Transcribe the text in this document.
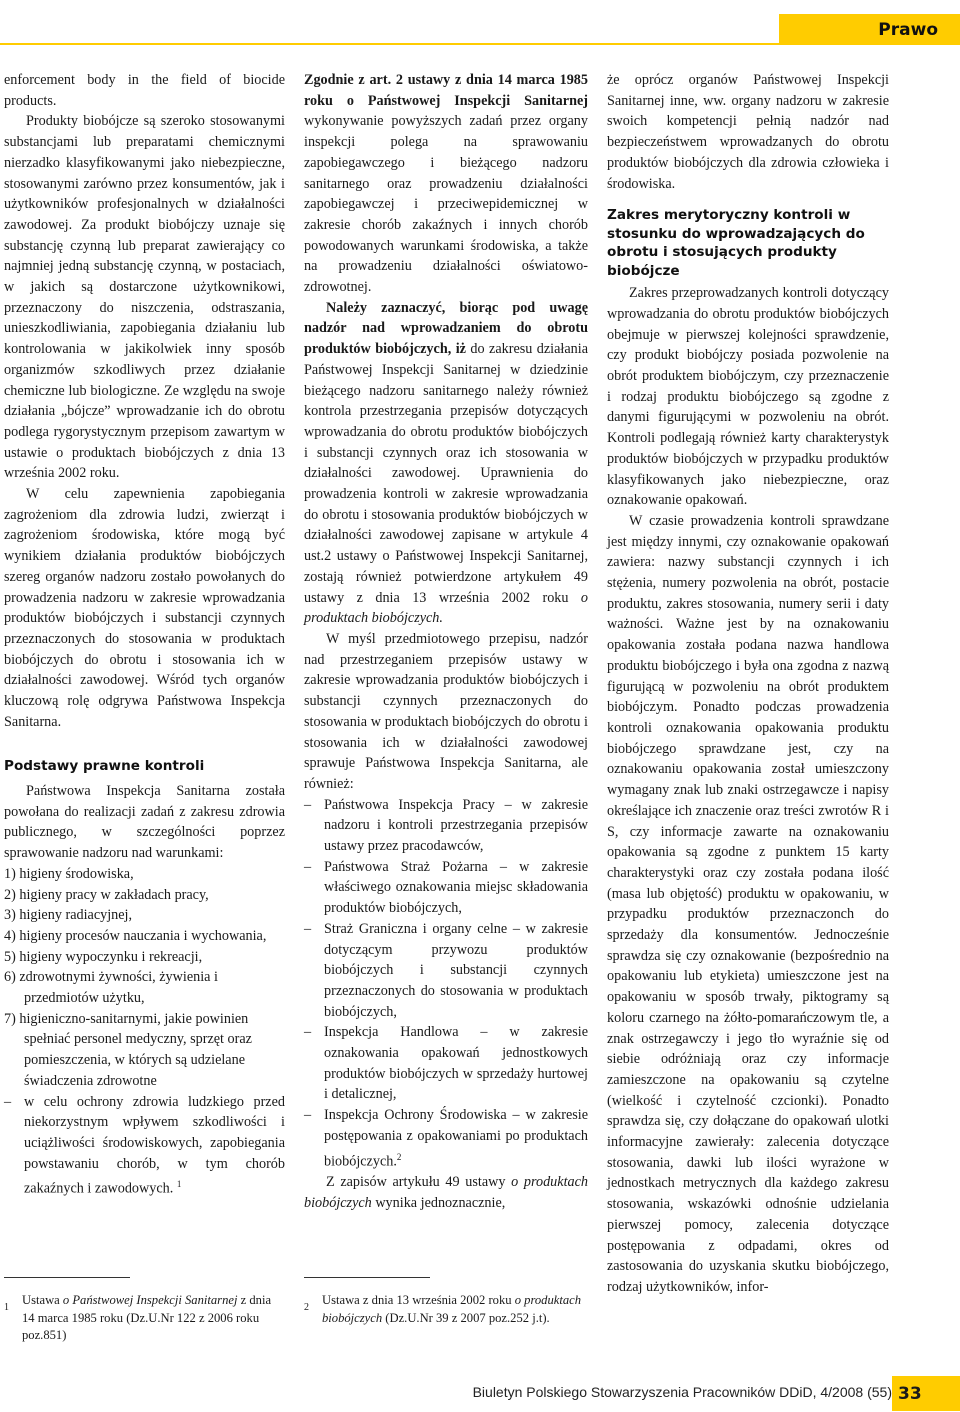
Prawo

enforcement body in the field of biocide products.

Produkty biobójcze są szeroko stosowanymi substancjami lub preparatami chemicznymi nierzadko klasyfikowanymi jako niebezpieczne, stosowanymi zarówno przez konsumentów, jak i użytkowników profesjonalnych w działalności zawodowej. Za produkt biobójczy uznaje się substancję czynną lub preparat zawierający co najmniej jedną substancję czynną, w postaciach, w jakich są dostarczone użytkownikowi, przeznaczony do niszczenia, odstraszania, unieszkodliwiania, zapobiegania działaniu lub kontrolowania w jakikolwiek inny sposób organizmów szkodliwych przez działanie chemiczne lub biologiczne. Ze względu na swoje działania „bójcze” wprowadzanie ich do obrotu podlega rygorystycznym przepisom zawartym w ustawie o produktach biobójczych z dnia 13 września 2002 roku.

W celu zapewnienia zapobiegania zagrożeniom dla zdrowia ludzi, zwierząt i zagrożeniom środowiska, które mogą być wynikiem działania produktów biobójczych szereg organów nadzoru zostało powołanych do prowadzenia nadzoru w zakresie wprowadzania produktów biobójczych i substancji czynnych przeznaczonych do stosowania w produktach biobójczych do obrotu i stosowania ich w działalności zawodowej. Wśród tych organów kluczową rolę odgrywa Państwowa Inspekcja Sanitarna.

Podstawy prawne kontroli

Państwowa Inspekcja Sanitarna została powołana do realizacji zadań z zakresu zdrowia publicznego, w szczególności poprzez sprawowanie nadzoru nad warunkami:

1) higieny środowiska,
2) higieny pracy w zakładach pracy,
3) higieny radiacyjnej,
4) higieny procesów nauczania i wychowania,
5) higieny wypoczynku i rekreacji,
6) zdrowotnymi żywności, żywienia i przedmiotów użytku,
7) higieniczno-sanitarnymi, jakie powinien spełniać personel medyczny, sprzęt oraz pomieszczenia, w których są udzielane świadczenia zdrowotne
– w celu ochrony zdrowia ludzkiego przed niekorzystnym wpływem szkodliwości i uciążliwości środowiskowych, zapobiegania powstawaniu chorób, w tym chorób zakaźnych i zawodowych. $^1$

Zgodnie z art. 2 ustawy z dnia 14 marca 1985 roku o Państwowej Inspekcji Sanitarnej wykonywanie powyższych zadań przez organy inspekcji polega na sprawowaniu zapobiegawczego i bieżącego nadzoru sanitarnego oraz prowadzeniu działalności zapobiegawczej i przeciwepidemicznej w zakresie chorób zakaźnych i innych chorób powodowanych warunkami środowiska, a także na prowadzeniu działalności oświatowo-zdrowotnej.

Należy zaznaczyć, biorąc pod uwagę nadzór nad wprowadzaniem do obrotu produktów biobójczych, iż do zakresu działania Państwowej Inspekcji Sanitarnej w dziedzinie bieżącego nadzoru sanitarnego należy również kontrola przestrzegania przepisów dotyczących wprowadzania do obrotu produktów biobójczych i substancji czynnych oraz ich stosowania w działalności zawodowej. Uprawnienia do prowadzenia kontroli w zakresie wprowadzania do obrotu i stosowania produktów biobójczych w działalności zawodowej zapisane w artykule 4 ust.2 ustawy o Państwowej Inspekcji Sanitarnej, zostają również potwierdzone artykułem 49 ustawy z dnia 13 września 2002 roku o produktach biobójczych.

W myśl przedmiotowego przepisu, nadzór nad przestrzeganiem przepisów ustawy w zakresie wprowadzania produktów biobójczych i substancji czynnych przeznaczonych do stosowania w produktach biobójczych do obrotu i stosowania ich w działalności zawodowej sprawuje Państwowa Inspekcja Sanitarna, ale również:

– Państwowa Inspekcja Pracy – w zakresie nadzoru i kontroli przestrzegania przepisów ustawy przez pracodawców,
– Państwowa Straż Pożarna – w zakresie właściwego oznakowania miejsc składowania produktów biobójczych,
– Straż Graniczna i organy celne – w zakresie dotyczącym przywozu produktów biobójczych i substancji czynnych przeznaczonych do stosowania w produktach biobójczych,
– Inspekcja Handlowa – w zakresie oznakowania opakowań jednostkowych produktów biobójczych w sprzedaży hurtowej i detalicznej,
– Inspekcja Ochrony Środowiska – w zakresie postępowania z opakowaniami po produktach biobójczych.$^2$

Z zapisów artykułu 49 ustawy o produktach biobójczych wynika jednoznacznie,

że oprócz organów Państwowej Inspekcji Sanitarnej inne, ww. organy nadzoru w zakresie swoich kompetencji pełnią nadzór nad bezpieczeństwem wprowadzanych do obrotu produktów biobójczych dla zdrowia człowieka i środowiska.

Zakres merytoryczny kontroli w stosunku do wprowadzających do obrotu i stosujących produkty biobójcze

Zakres przeprowadzanych kontroli dotyczący wprowadzania do obrotu produktów biobójczych obejmuje w pierwszej kolejności sprawdzenie, czy produkt biobójczy posiada pozwolenie na obrót produktem biobójczym, czy przeznaczenie i rodzaj produktu biobójczego są zgodne z danymi figurującymi w pozwoleniu na obrót. Kontroli podlegają również karty charakterystyk produktów biobójczych w przypadku produktów klasyfikowanych jako niebezpieczne, oraz oznakowanie opakowań.

W czasie prowadzenia kontroli sprawdzane jest między innymi, czy oznakowanie opakowań zawiera: nazwy substancji czynnych i ich stężenia, numery pozwolenia na obrót, postacie produktu, zakres stosowania, numery serii i daty ważności. Ważne jest by na oznakowaniu opakowania została podana nazwa handlowa produktu biobójczego i była ona zgodna z nazwą figurującą w pozwoleniu na obrót produktem biobójczym. Ponadto podczas prowadzenia kontroli oznakowania opakowania produktu biobójczego sprawdzane jest, czy na oznakowaniu opakowania został umieszczony wymagany znak lub znaki ostrzegawcze i napisy określające ich znaczenie oraz treści zwrotów R i S, czy informacje zawarte na oznakowaniu opakowania są zgodne z punktem 15 karty charakterystyki oraz czy została podana ilość (masa lub objętość) produktu w opakowaniu, w przypadku produktów przeznaczonch do sprzedaży dla konsumentów. Jednocześnie sprawdza się czy oznakowanie (bezpośrednio na opakowaniu lub etykieta) umieszczone jest na opakowaniu w sposób trwały, piktogramy są koloru czarnego na żółto-pomarańczowym tle, a znak ostrzegawczy i jego tło wyraźnie się od siebie odróżniają oraz czy informacje zamieszczone na opakowaniu są czytelne (wielkość i czytelność czcionki). Ponadto sprawdza się, czy dołączane do opakowań ulotki informacyjne zawierały: zalecenia dotyczące stosowania, dawki lub ilości wyrażone w jednostkach metrycznych dla każdego zakresu stosowania, wskazówki odnośnie udzielania pierwszej pomocy, zalecenia dotyczące postępowania z odpadami, okres od zastosowania do uzyskania skutku biobójczego, rodzaj użytkowników, infor-

1
Ustawa o Państwowej Inspekcji Sanitarnej z dnia 14 marca 1985 roku (Dz.U.Nr 122 z 2006 roku poz.851)
2
Ustawa z dnia 13 września 2002 roku o produktach biobójczych (Dz.U.Nr 39 z 2007 poz.252 j.t).
Biuletyn Polskiego Stowarzyszenia Pracowników DDiD, 4/2008 (55) 33
